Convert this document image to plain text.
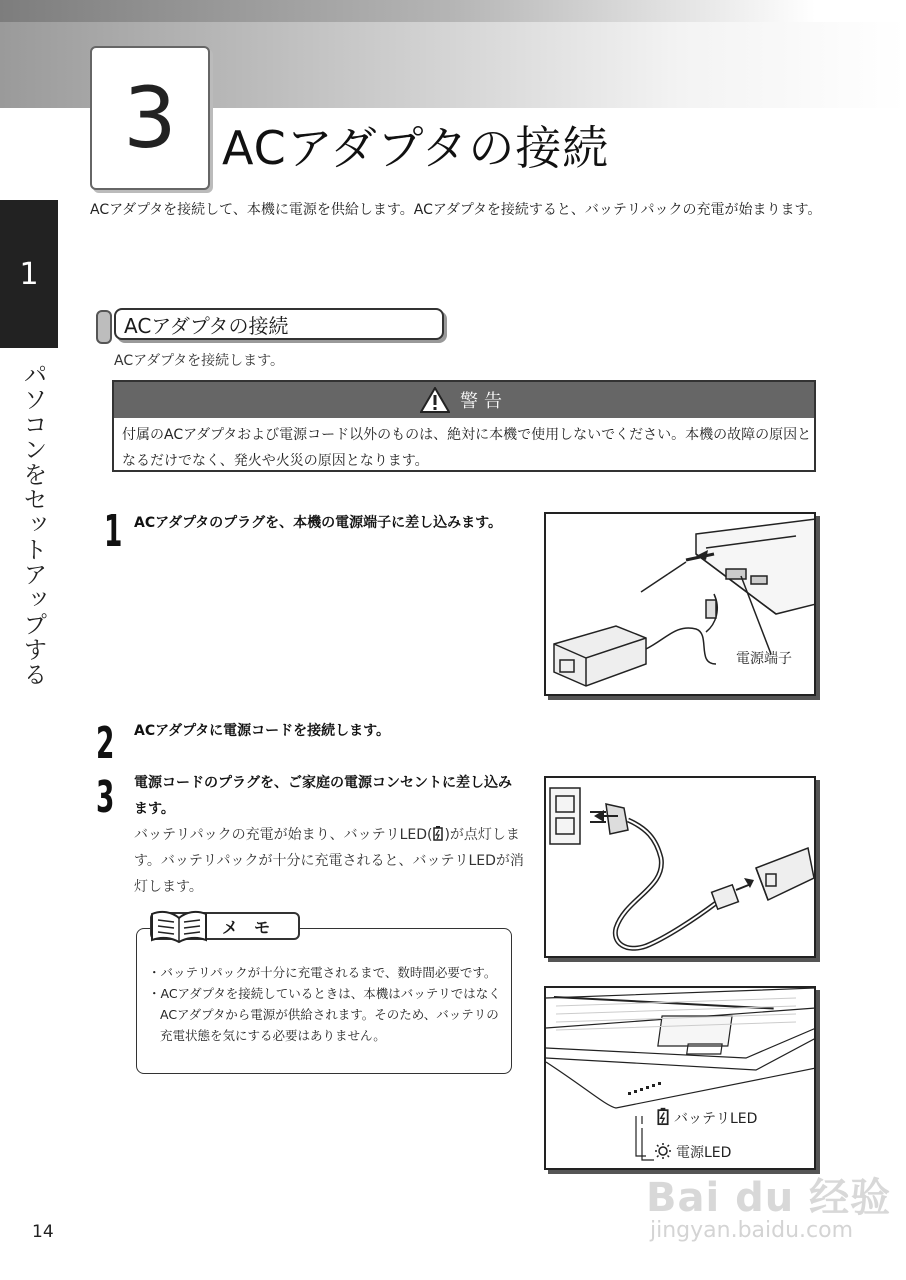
3 ACアダプタの接続
ACアダプタを接続して、本機に電源を供給します。ACアダプタを接続すると、バッテリパックの充電が始まります。
1
パソコンをセットアップする
ACアダプタの接続
ACアダプタを接続します。
警告
付属のACアダプタおよび電源コード以外のものは、絶対に本機で使用しないでください。本機の故障の原因となるだけでなく、発火や火災の原因となります。
1 ACアダプタのプラグを、本機の電源端子に差し込みます。
電源端子
2 ACアダプタに電源コードを接続します。
3 電源コードのプラグを、ご家庭の電源コンセントに差し込みます。
バッテリパックの充電が始まり、バッテリLED( )が点灯します。バッテリパックが十分に充電されると、バッテリLEDが消灯します。
バッテリLED
電源LED
メモ
・バッテリパックが十分に充電されるまで、数時間必要です。
・ACアダプタを接続しているときは、本機はバッテリではなくACアダプタから電源が供給されます。そのため、バッテリの充電状態を気にする必要はありません。
14
Bai du 经验
jingyan.baidu.com
